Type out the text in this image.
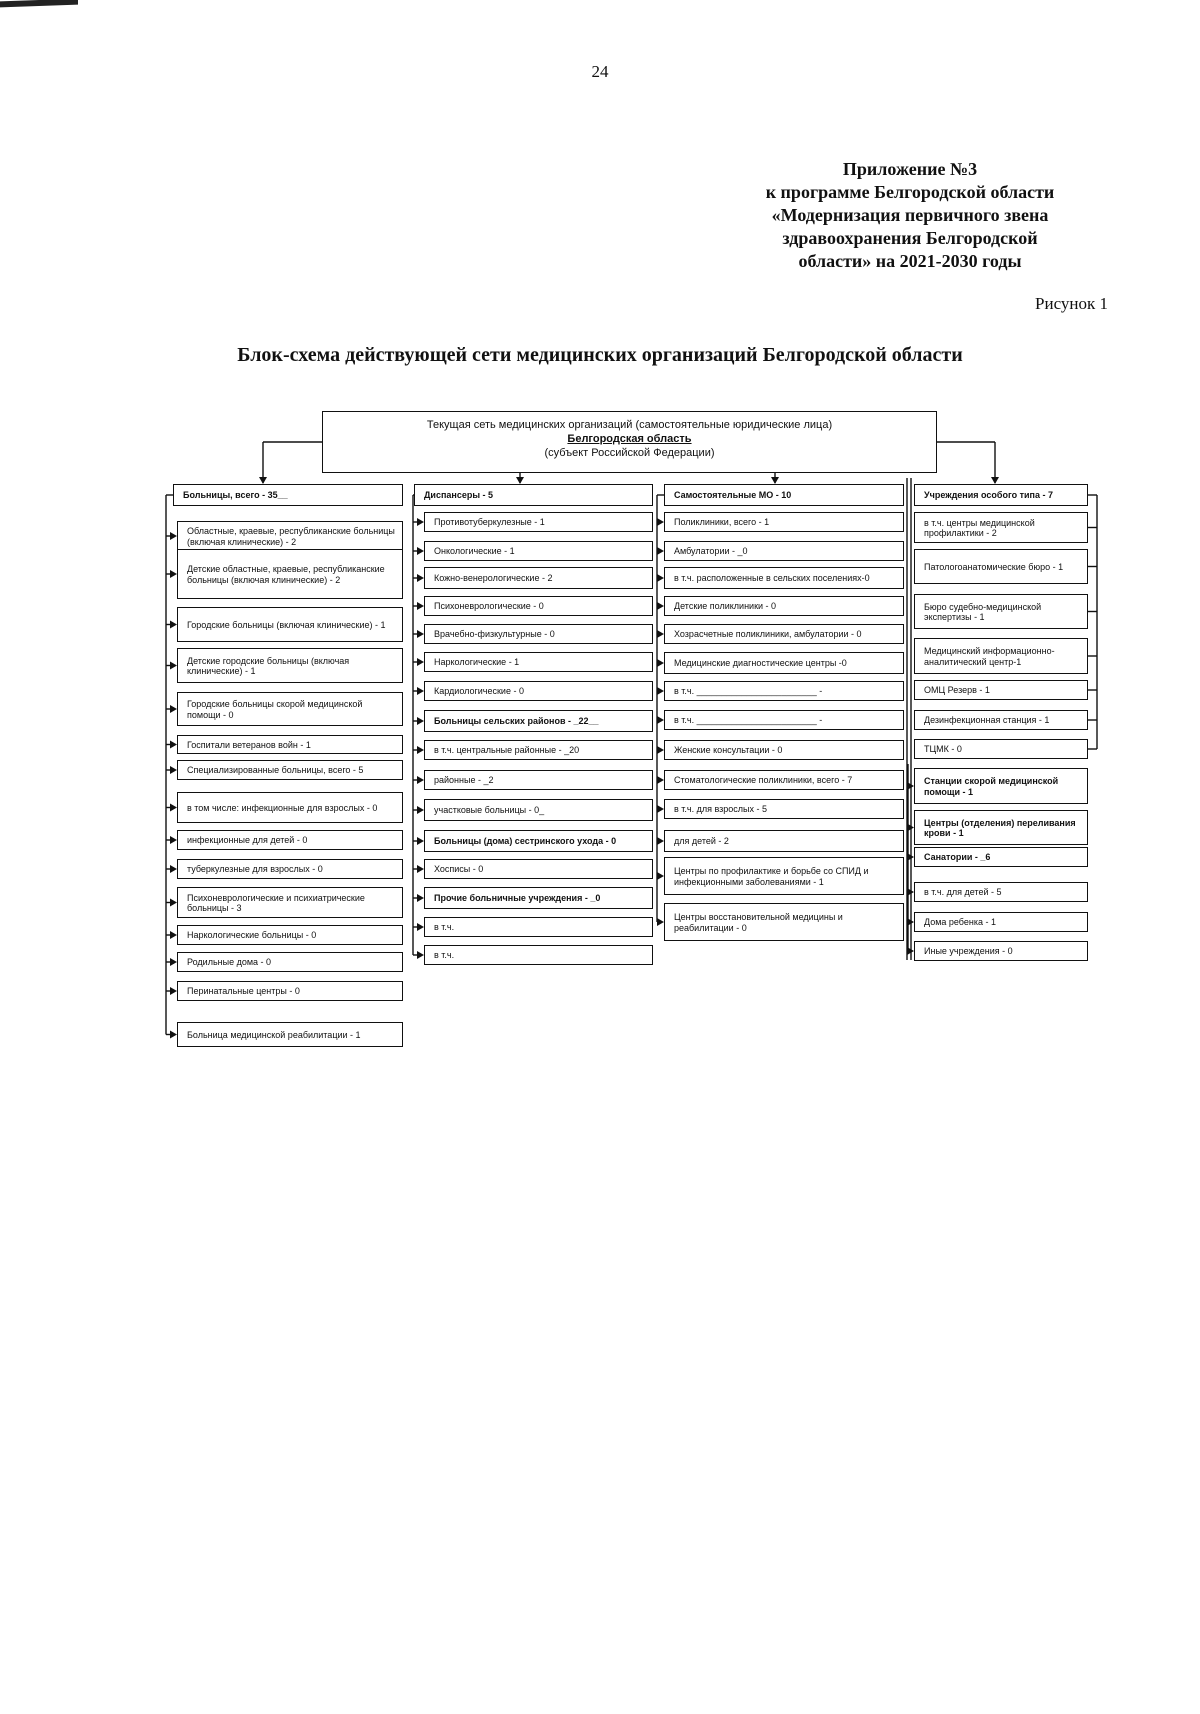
24
Приложение №3
к программе Белгородской области
«Модернизация первичного звена
здравоохранения Белгородской
области» на 2021-2030 годы
Рисунок 1
Блок-схема действующей сети медицинских организаций Белгородской области
Текущая сеть медицинских организаций (самостоятельные юридические лица)
Белгородская область
(субъект Российской Федерации)
Больницы, всего - 35__
Областные, краевые, республиканские больницы (включая клинические) - 2
Детские областные, краевые, республиканские больницы (включая клинические) - 2
Городские больницы (включая клинические) - 1
Детские городские больницы (включая клинические) - 1
Городские больницы скорой медицинской помощи - 0
Госпитали ветеранов войн - 1
Специализированные больницы, всего - 5
в том числе: инфекционные для взрослых - 0
инфекционные для детей - 0
туберкулезные для взрослых - 0
Психоневрологические и психиатрические больницы - 3
Наркологические больницы - 0
Родильные дома - 0
Перинатальные центры - 0
Больница медицинской реабилитации - 1
Диспансеры - 5
Противотуберкулезные - 1
Онкологические - 1
Кожно-венерологические - 2
Психоневрологические - 0
Врачебно-физкультурные - 0
Наркологические - 1
Кардиологические - 0
Больницы сельских районов - _22__
в т.ч. центральные районные - _20
районные - _2
участковые больницы - 0_
Больницы (дома) сестринского ухода - 0
Хосписы - 0
Прочие больничные учреждения - _0
в т.ч.
в т.ч.
Самостоятельные МО - 10
Поликлиники, всего - 1
Амбулатории - _0
в т.ч. расположенные в сельских поселениях-0
Детские поликлиники - 0
Хозрасчетные поликлиники, амбулатории - 0
Медицинские диагностические центры -0
в т.ч. ________________________ -
в т.ч. ________________________ -
Женские консультации - 0
Стоматологические поликлиники, всего - 7
в т.ч. для взрослых - 5
для детей - 2
Центры по профилактике и борьбе со СПИД и инфекционными заболеваниями - 1
Центры восстановительной медицины и реабилитации - 0
Учреждения особого типа - 7
в т.ч. центры медицинской профилактики - 2
Патологоанатомические бюро - 1
Бюро судебно-медицинской экспертизы - 1
Медицинский информационно-аналитический центр-1
ОМЦ Резерв - 1
Дезинфекционная станция - 1
ТЦМК - 0
Станции скорой медицинской помощи - 1
Центры (отделения) переливания крови - 1
Санатории - _6
в т.ч. для детей - 5
Дома ребенка - 1
Иные учреждения - 0
